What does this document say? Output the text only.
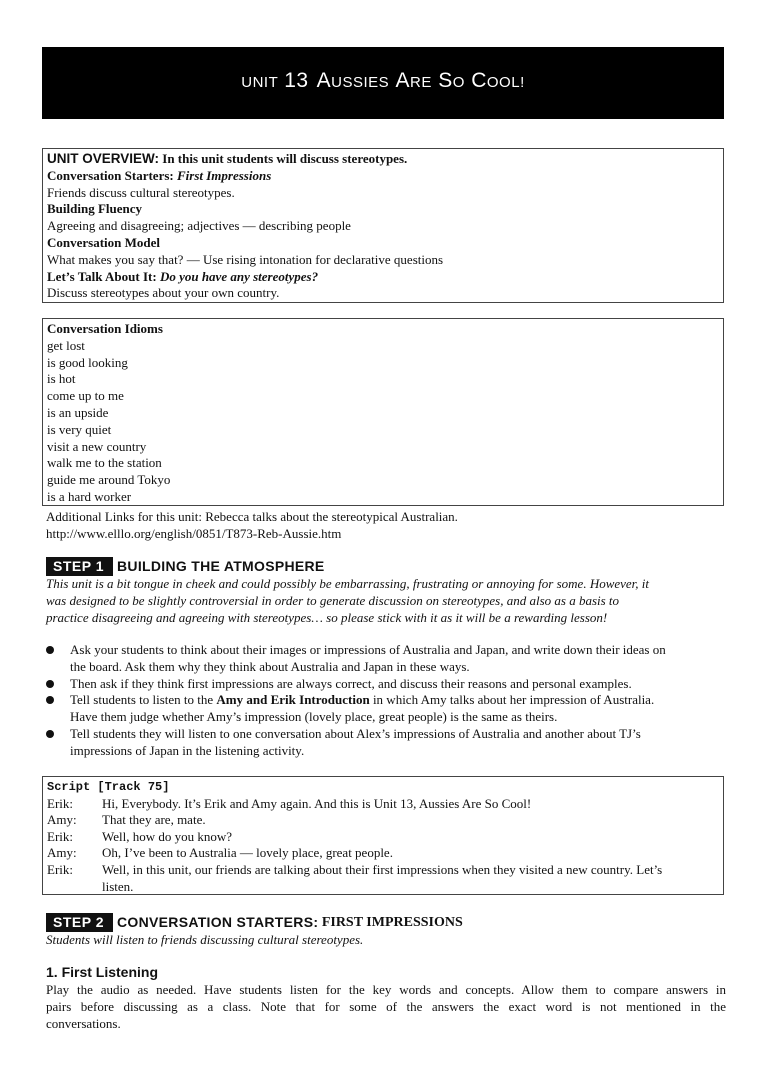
UNIT 13 AUSSIES ARE SO COOL!
UNIT OVERVIEW: In this unit students will discuss stereotypes.
Conversation Starters: First Impressions
Friends discuss cultural stereotypes.
Building Fluency
Agreeing and disagreeing; adjectives — describing people
Conversation Model
What makes you say that? — Use rising intonation for declarative questions
Let’s Talk About It: Do you have any stereotypes?
Discuss stereotypes about your own country.
Conversation Idioms
get lost
is good looking
is hot
come up to me
is an upside
is very quiet
visit a new country
walk me to the station
guide me around Tokyo
is a hard worker
Additional Links for this unit: Rebecca talks about the stereotypical Australian.
http://www.elllo.org/english/0851/T873-Reb-Aussie.htm
STEP 1 BUILDING THE ATMOSPHERE
This unit is a bit tongue in cheek and could possibly be embarrassing, frustrating or annoying for some. However, it
was designed to be slightly controversial in order to generate discussion on stereotypes, and also as a basis to
practice disagreeing and agreeing with stereotypes… so please stick with it as it will be a rewarding lesson!
Ask your students to think about their images or impressions of Australia and Japan, and write down their ideas on
the board. Ask them why they think about Australia and Japan in these ways.
Then ask if they think first impressions are always correct, and discuss their reasons and personal examples.
Tell students to listen to the Amy and Erik Introduction in which Amy talks about her impression of Australia.
Have them judge whether Amy’s impression (lovely place, great people) is the same as theirs.
Tell students they will listen to one conversation about Alex’s impressions of Australia and another about TJ’s
impressions of Japan in the listening activity.
Script [Track 75]
Erik: Hi, Everybody. It’s Erik and Amy again. And this is Unit 13, Aussies Are So Cool!
Amy: That they are, mate.
Erik: Well, how do you know?
Amy: Oh, I’ve been to Australia — lovely place, great people.
Erik: Well, in this unit, our friends are talking about their first impressions when they visited a new country. Let’s
listen.
STEP 2 CONVERSATION STARTERS: FIRST IMPRESSIONS
Students will listen to friends discussing cultural stereotypes.
1. First Listening
Play the audio as needed. Have students listen for the key words and concepts. Allow them to compare answers in
pairs before discussing as a class. Note that for some of the answers the exact word is not mentioned in the
conversations.
